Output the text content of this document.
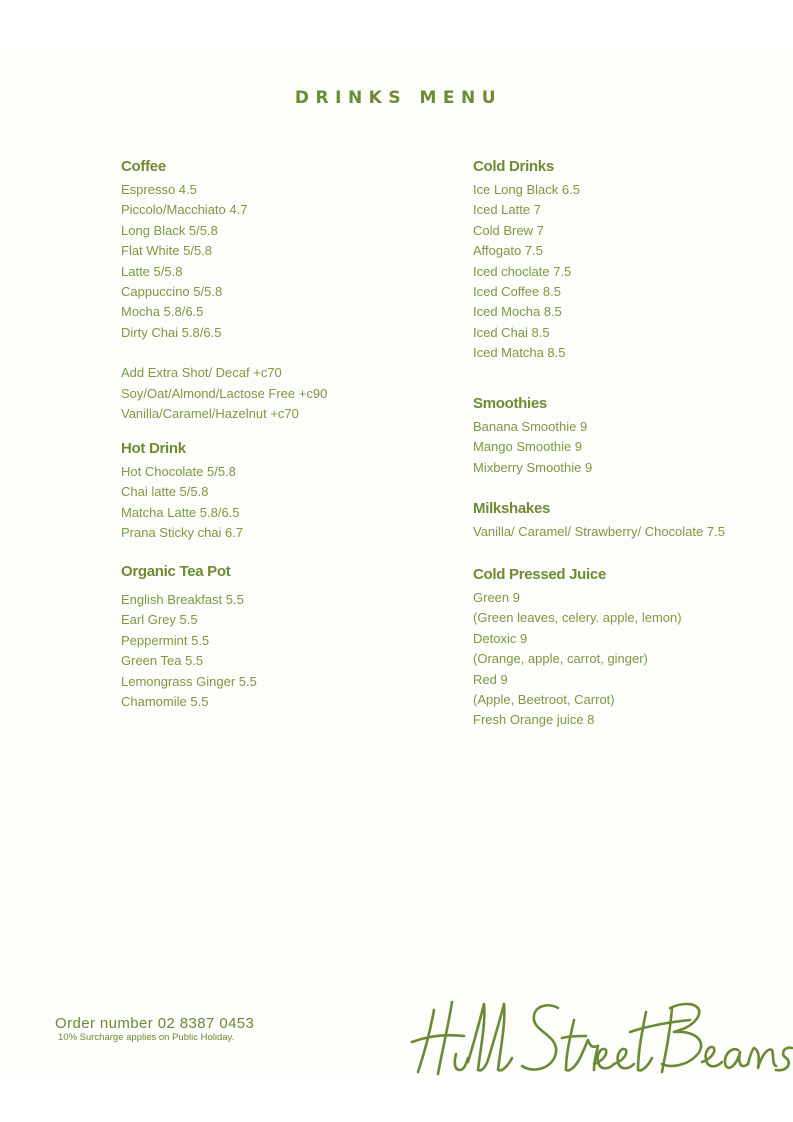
DRINKS MENU
Coffee
Espresso 4.5
Piccolo/Macchiato 4.7
Long Black 5/5.8
Flat White 5/5.8
Latte 5/5.8
Cappuccino 5/5.8
Mocha 5.8/6.5
Dirty Chai 5.8/6.5
Add Extra Shot/ Decaf +c70
Soy/Oat/Almond/Lactose Free +c90
Vanilla/Caramel/Hazelnut +c70
Hot Drink
Hot Chocolate 5/5.8
Chai latte 5/5.8
Matcha Latte 5.8/6.5
Prana Sticky chai 6.7
Organic Tea Pot
English Breakfast 5.5
Earl Grey 5.5
Peppermint 5.5
Green Tea 5.5
Lemongrass Ginger 5.5
Chamomile 5.5
Cold Drinks
Ice Long Black 6.5
Iced Latte 7
Cold Brew 7
Affogato 7.5
Iced choclate 7.5
Iced Coffee 8.5
Iced Mocha 8.5
Iced Chai 8.5
Iced Matcha 8.5
Smoothies
Banana Smoothie 9
Mango Smoothie 9
Mixberry Smoothie 9
Milkshakes
Vanilla/ Caramel/ Strawberry/ Chocolate 7.5
Cold Pressed Juice
Green 9
(Green leaves, celery. apple, lemon)
Detoxic 9
(Orange, apple, carrot, ginger)
Red 9
(Apple, Beetroot, Carrot)
Fresh Orange juice 8
Order number 02 8387 0453
10% Surcharge applies on Public Holiday.
